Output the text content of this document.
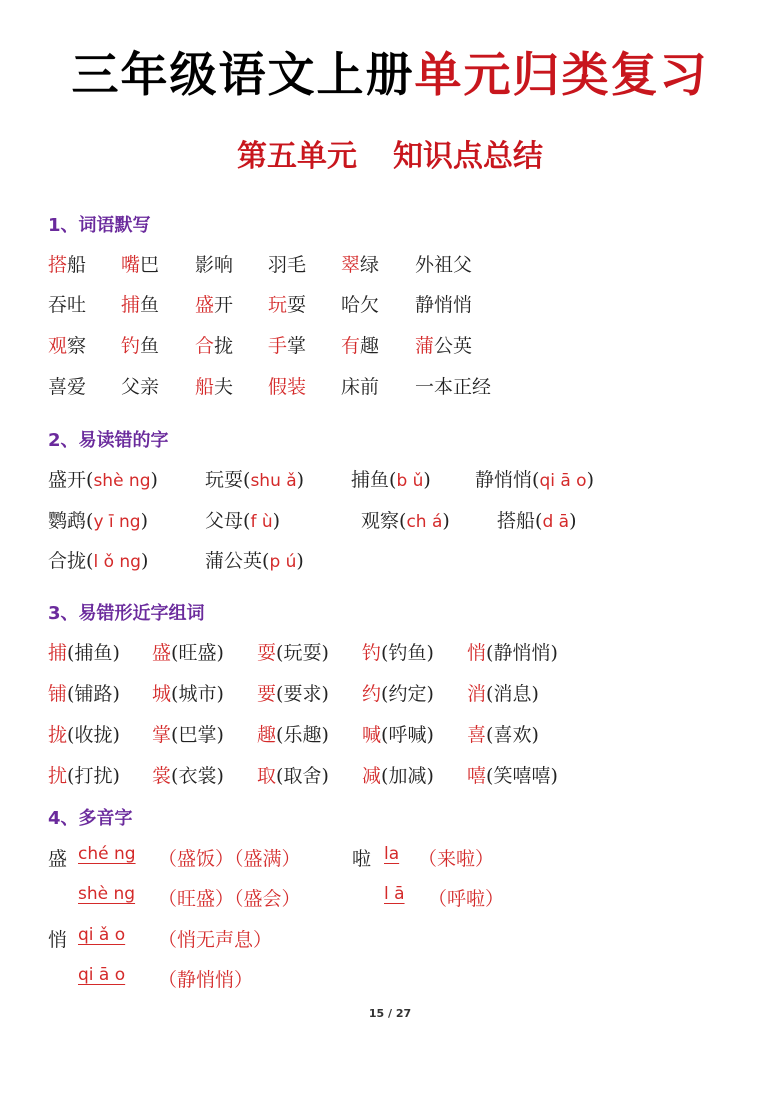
三年级语文上册单元归类复习
第五单元 知识点总结
1、词语默写
搭船 嘴巴 影响 羽毛 翠绿 外祖父
吞吐 捕鱼 盛开 玩耍 哈欠 静悄悄
观察 钓鱼 合拢 手掌 有趣 蒲公英
喜爱 父亲 船夫 假装 床前 一本正经
2、易读错的字
盛开(shè ng) 玩耍(shu ǎ) 捕鱼(b ǔ) 静悄悄(qi ā o)
鹦鹉(y ī ng)	父母(f ù)	观察(ch á) 搭船(d ā)
合拢(l ǒ ng)	蒲公英(p ú)
3、易错形近字组词
捕(捕鱼) 盛(旺盛) 耍(玩耍) 钓(钓鱼) 悄(静悄悄)
铺(铺路) 城(城市) 要(要求) 约(约定) 消(消息)
拢(收拢) 掌(巴掌) 趣(乐趣) 喊(呼喊) 喜(喜欢)
扰(打扰) 裳(衣裳) 取(取舍) 减(加减) 嘻(笑嘻嘻)
4、多音字
盛 ché ng （盛饭）（盛满）	啦 la （来啦）
shè ng （旺盛）（盛会）	l ā （呼啦）
悄 qi ǎ o （悄无声息）
qi ā o （静悄悄）
15 / 27
